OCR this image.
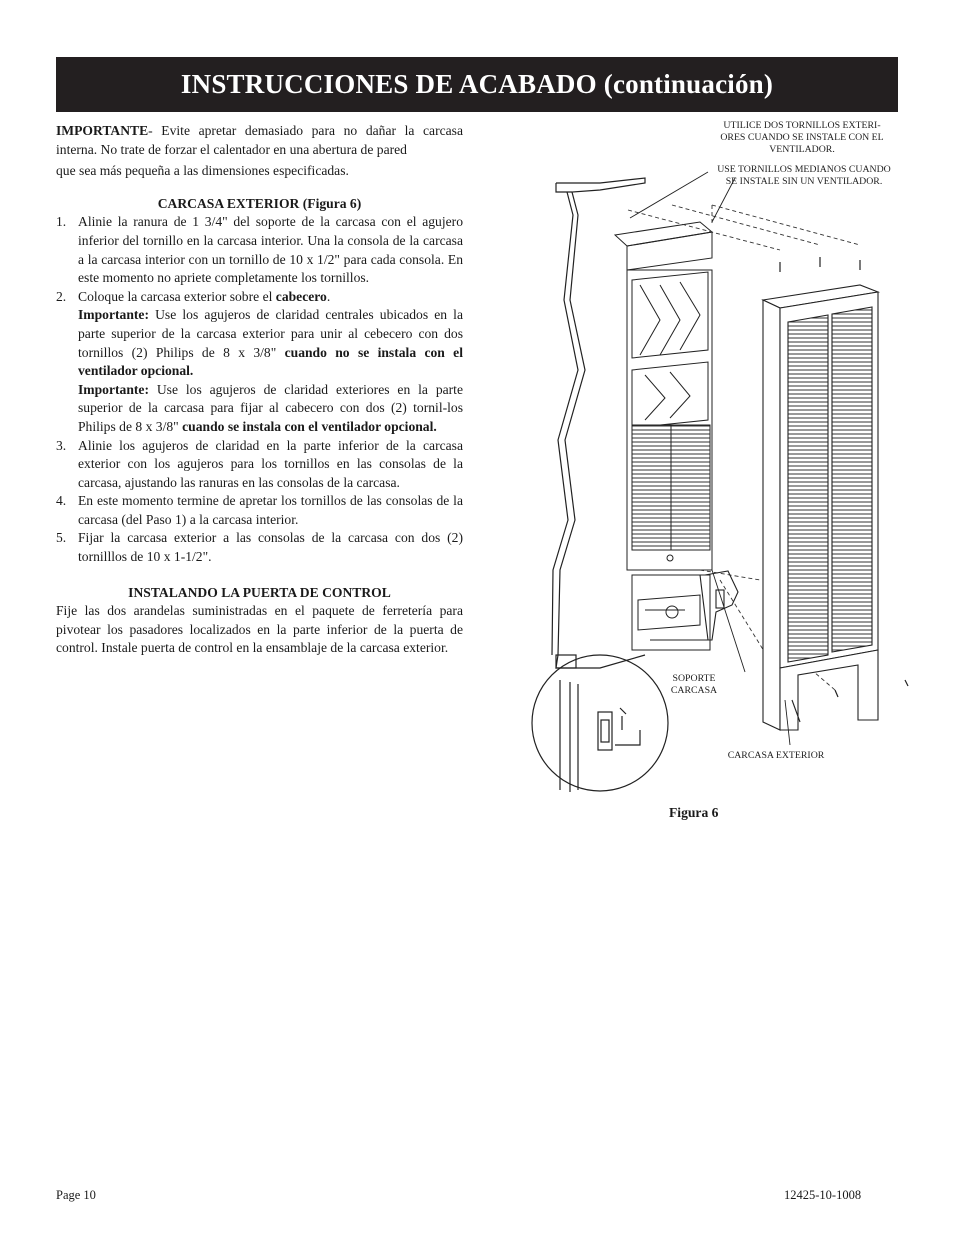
INSTRUCCIONES DE ACABADO (continuación)

IMPORTANTE- Evite apretar demasiado para no dañar la carcasa interna. No trate de forzar el calentador en una abertura de pared
que sea más pequeña a las dimensiones especificadas.

CARCASA EXTERIOR (Figura 6)

1. Alinie la ranura de 1 3/4" del soporte de la carcasa con el agujero inferior del tornillo en la carcasa interior. Una la consola de la carcasa a la carcasa interior con un tornillo de 10 x 1/2" para cada consola. En este momento no apriete completamente los tornillos.
2. Coloque la carcasa exterior sobre el cabecero.
Importante: Use los agujeros de claridad centrales ubicados en la parte superior de la carcasa exterior para unir al cebecero con dos tornillos (2) Philips de 8 x 3/8" cuando no se instala con el ventilador opcional.
Importante: Use los agujeros de claridad exteriores en la parte superior de la carcasa para fijar al cabecero con dos (2) tornil-los Philips de 8 x 3/8" cuando se instala con el ventilador opcional.
3. Alinie los agujeros de claridad en la parte inferior de la carcasa exterior con los agujeros para los tornillos en las consolas de la carcasa, ajustando las ranuras en las consolas de la carcasa.
4. En este momento termine de apretar los tornillos de las consolas de la carcasa (del Paso 1) a la carcasa interior.
5. Fijar la carcasa exterior a las consolas de la carcasa con dos (2) tornilllos de 10 x 1-1/2".

INSTALANDO LA PUERTA DE CONTROL

Fije las dos arandelas suministradas en el paquete de ferretería para pivotear los pasadores localizados en la parte inferior de la puerta de control. Instale puerta de control en la ensamblaje de la carcasa exterior.

UTILICE DOS TORNILLOS EXTERI-
ORES CUANDO SE INSTALE CON EL
VENTILADOR.
USE TORNILLOS MEDIANOS CUANDO
SE INSTALE SIN UN VENTILADOR.
SOPORTE
CARCASA
CARCASA EXTERIOR
Figura 6
Page 10	12425-10-1008
